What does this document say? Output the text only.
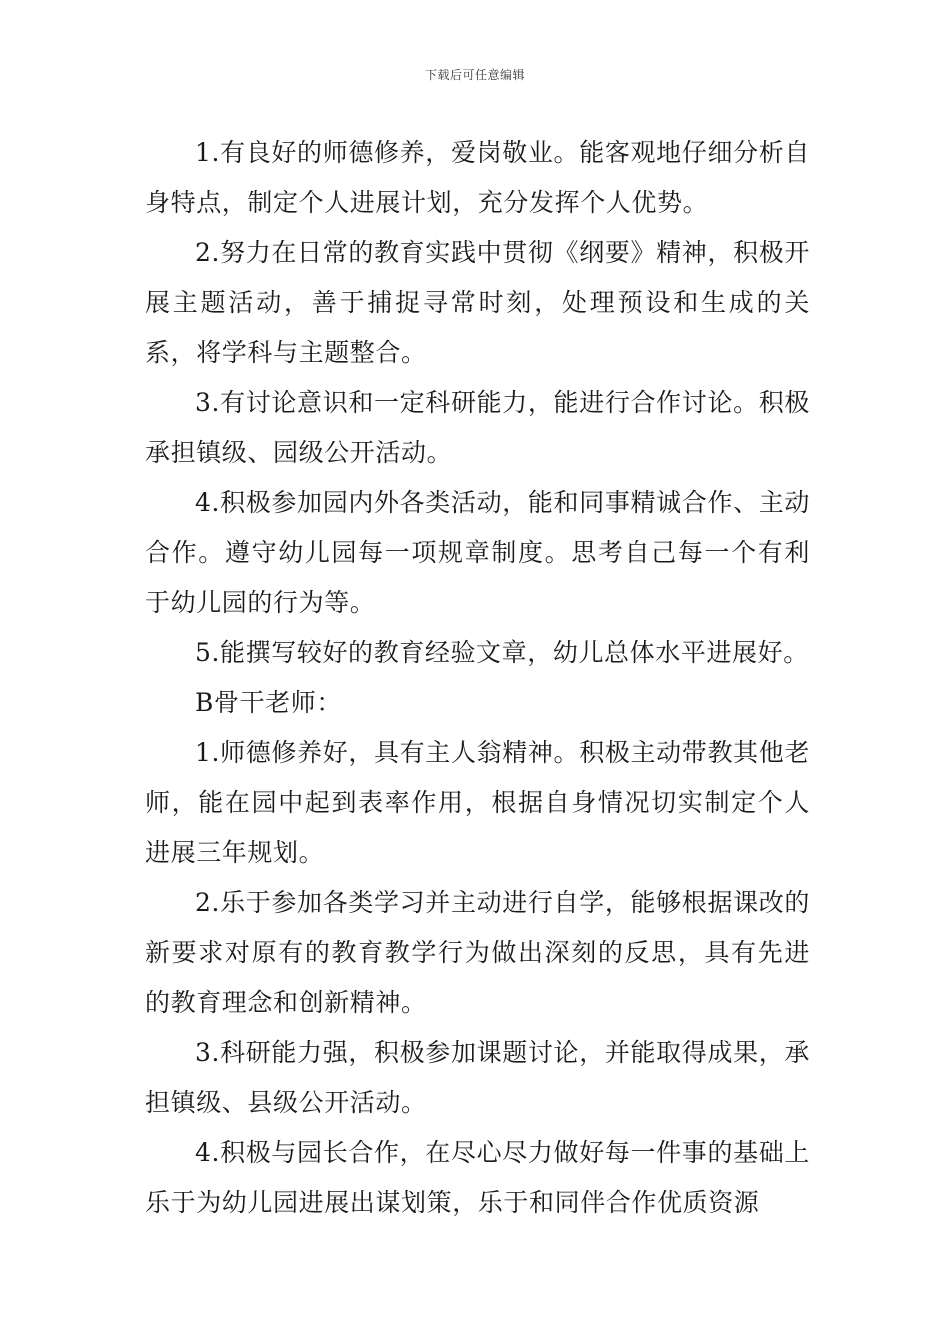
下载后可任意编辑

1.有良好的师德修养，爱岗敬业。能客观地仔细分析自身特点，制定个人进展计划，充分发挥个人优势。

2.努力在日常的教育实践中贯彻《纲要》精神，积极开展主题活动，善于捕捉寻常时刻，处理预设和生成的关系，将学科与主题整合。

3.有讨论意识和一定科研能力，能进行合作讨论。积极承担镇级、园级公开活动。

4.积极参加园内外各类活动，能和同事精诚合作、主动合作。遵守幼儿园每一项规章制度。思考自己每一个有利于幼儿园的行为等。

5.能撰写较好的教育经验文章，幼儿总体水平进展好。

B骨干老师：

1.师德修养好，具有主人翁精神。积极主动带教其他老师，能在园中起到表率作用，根据自身情况切实制定个人进展三年规划。

2.乐于参加各类学习并主动进行自学，能够根据课改的新要求对原有的教育教学行为做出深刻的反思，具有先进的教育理念和创新精神。

3.科研能力强，积极参加课题讨论，并能取得成果，承担镇级、县级公开活动。

4.积极与园长合作，在尽心尽力做好每一件事的基础上乐于为幼儿园进展出谋划策，乐于和同伴合作优质资源
